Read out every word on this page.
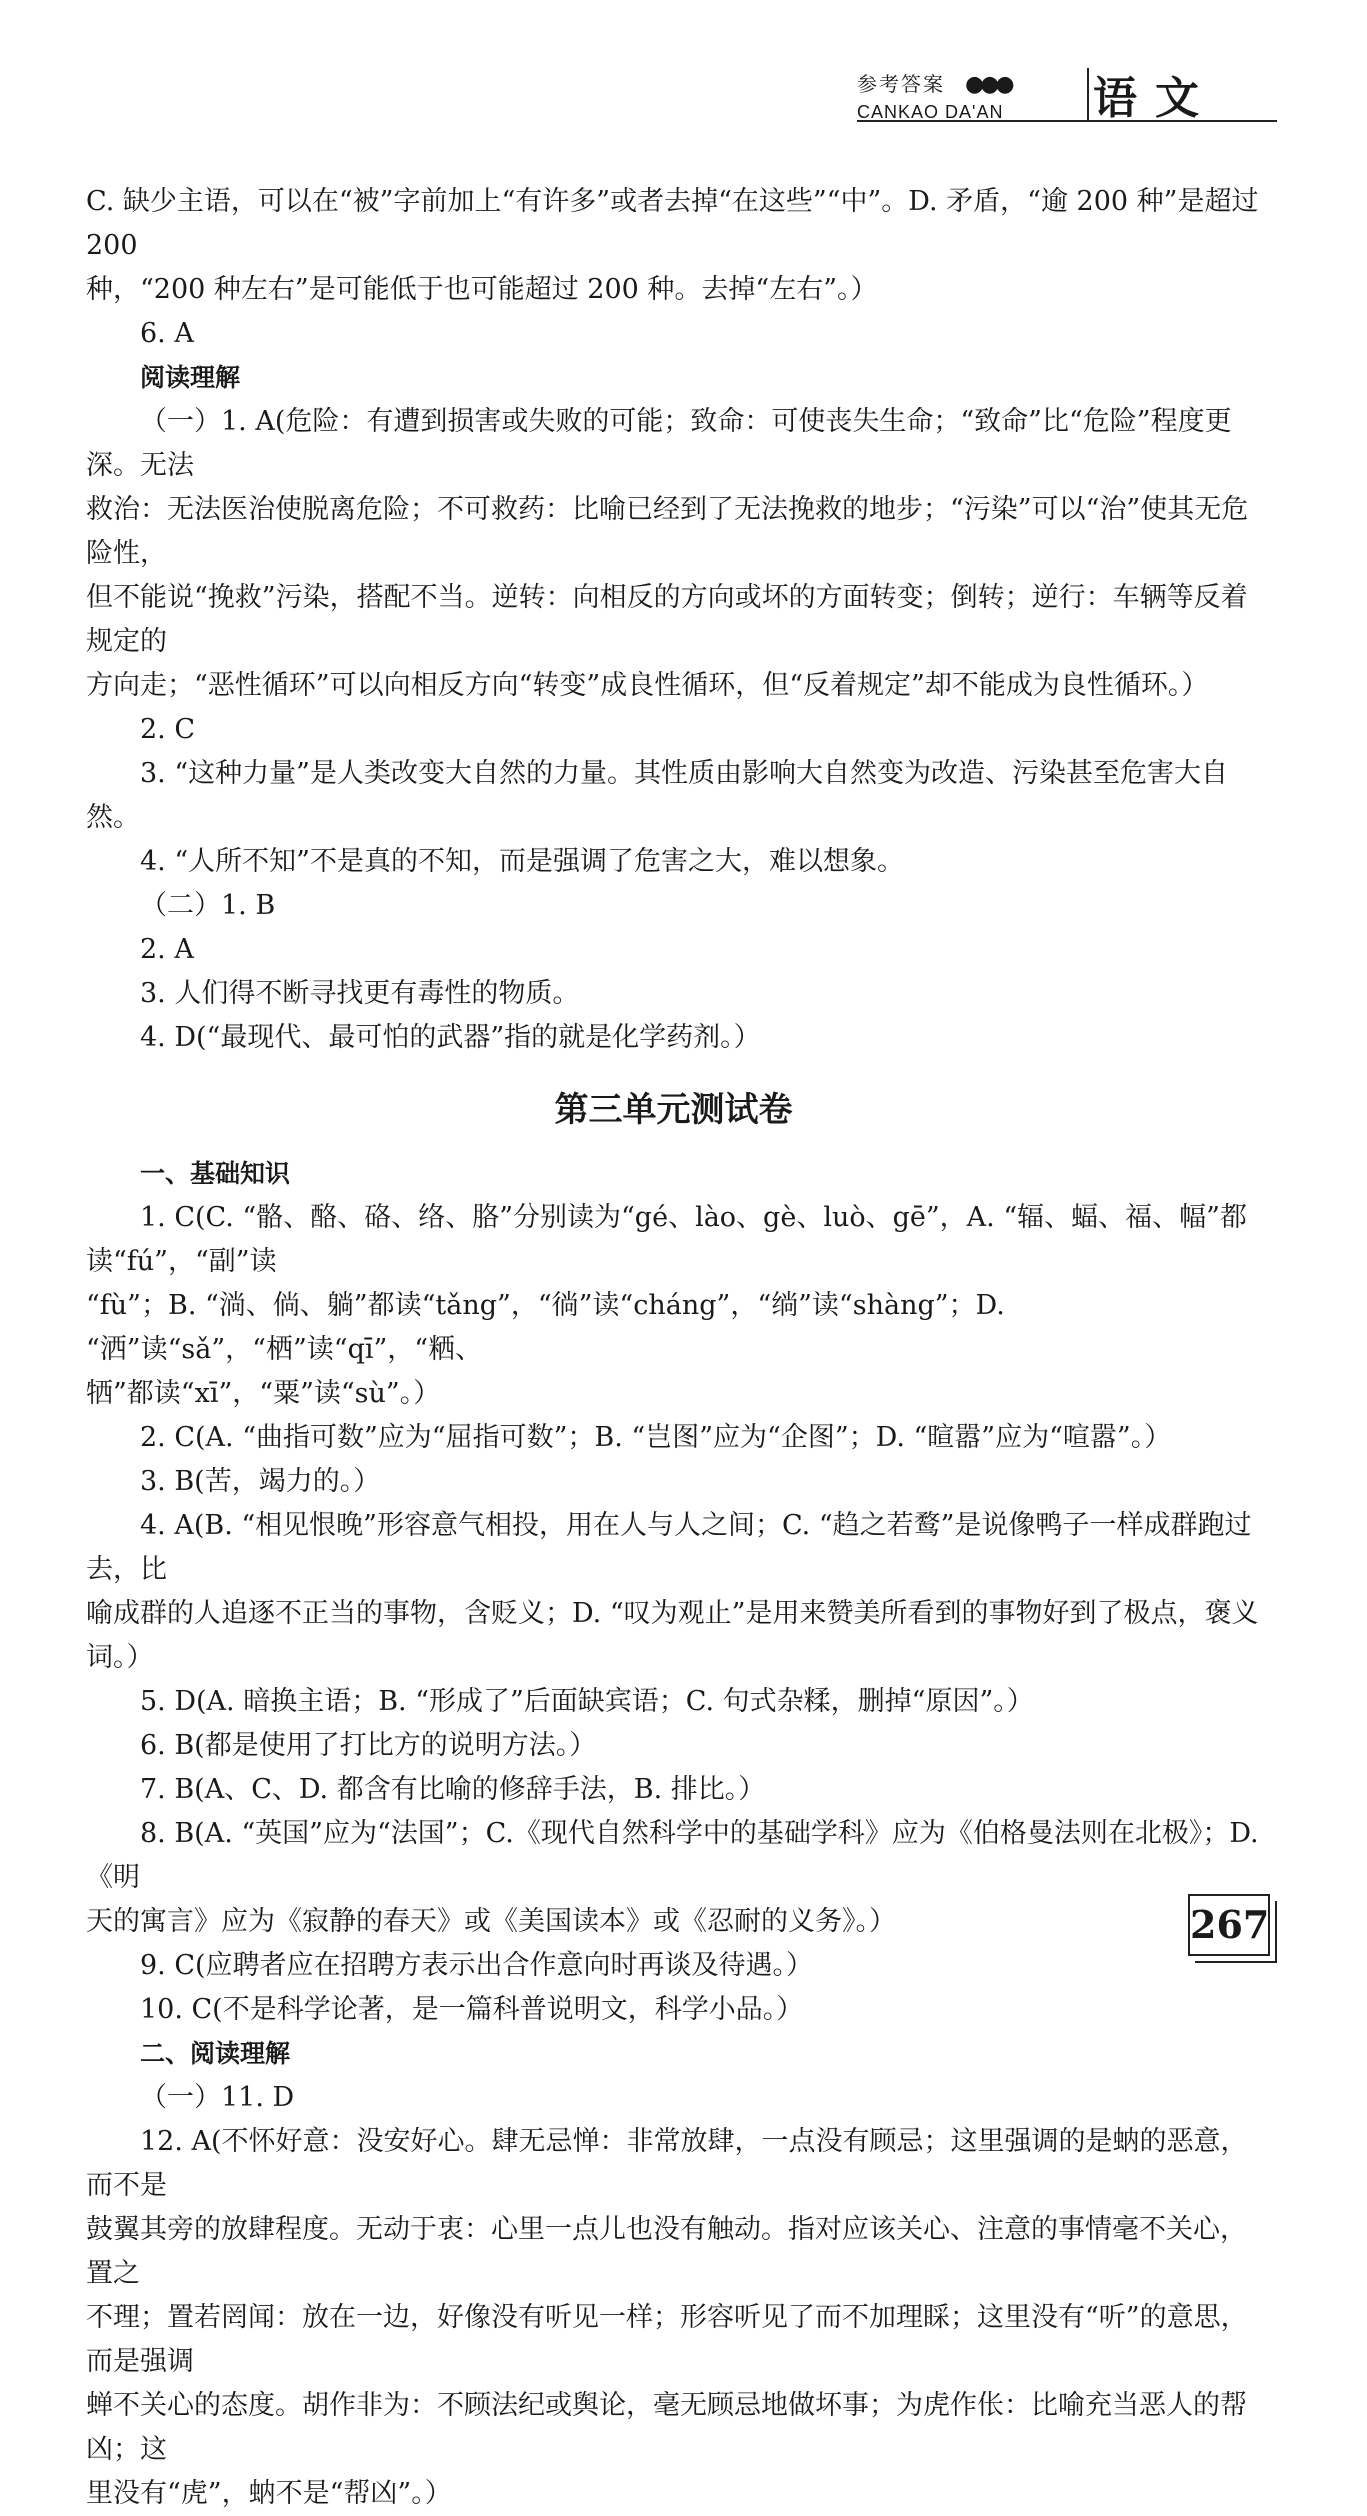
参考答案 ●●●
CANKAO DA'AN 语文
C. 缺少主语，可以在“被”字前加上“有许多”或者去掉“在这些”“中”。D. 矛盾，“逾 200 种”是超过 200
种，“200 种左右”是可能低于也可能超过 200 种。去掉“左右”。）
6. A
阅读理解
（一）1. A(危险：有遭到损害或失败的可能；致命：可使丧失生命；“致命”比“危险”程度更深。无法
救治：无法医治使脱离危险；不可救药：比喻已经到了无法挽救的地步；“污染”可以“治”使其无危险性，
但不能说“挽救”污染，搭配不当。逆转：向相反的方向或坏的方面转变；倒转；逆行：车辆等反着规定的
方向走；“恶性循环”可以向相反方向“转变”成良性循环，但“反着规定”却不能成为良性循环。）
2. C
3. “这种力量”是人类改变大自然的力量。其性质由影响大自然变为改造、污染甚至危害大自然。
4. “人所不知”不是真的不知，而是强调了危害之大，难以想象。
（二）1. B
2. A
3. 人们得不断寻找更有毒性的物质。
4. D(“最现代、最可怕的武器”指的就是化学药剂。）
第三单元测试卷
一、基础知识
1. C(C. “骼、酪、硌、络、胳”分别读为“gé、lào、gè、luò、gē”，A. “辐、蝠、福、幅”都读“fú”，“副”读
“fù”；B. “淌、倘、躺”都读“tǎng”，“徜”读“cháng”，“绱”读“shàng”；D. “洒”读“sǎ”，“栖”读“qī”，“粞、
牺”都读“xī”，“粟”读“sù”。）
2. C(A. “曲指可数”应为“屈指可数”；B. “岂图”应为“企图”；D. “暄嚣”应为“喧嚣”。）
3. B(苦，竭力的。）
4. A(B. “相见恨晚”形容意气相投，用在人与人之间；C. “趋之若鹜”是说像鸭子一样成群跑过去，比
喻成群的人追逐不正当的事物，含贬义；D. “叹为观止”是用来赞美所看到的事物好到了极点，褒义词。）
5. D(A. 暗换主语；B. “形成了”后面缺宾语；C. 句式杂糅，删掉“原因”。）
6. B(都是使用了打比方的说明方法。）
7. B(A、C、D. 都含有比喻的修辞手法，B. 排比。）
8. B(A. “英国”应为“法国”；C.《现代自然科学中的基础学科》应为《伯格曼法则在北极》；D.《明
天的寓言》应为《寂静的春天》或《美国读本》或《忍耐的义务》。）
9. C(应聘者应在招聘方表示出合作意向时再谈及待遇。）
10. C(不是科学论著，是一篇科普说明文，科学小品。）
二、阅读理解
（一）11. D
12. A(不怀好意：没安好心。肆无忌惮：非常放肆，一点没有顾忌；这里强调的是蚋的恶意，而不是
鼓翼其旁的放肆程度。无动于衷：心里一点儿也没有触动。指对应该关心、注意的事情毫不关心，置之
不理；置若罔闻：放在一边，好像没有听见一样；形容听见了而不加理睬；这里没有“听”的意思，而是强调
蝉不关心的态度。胡作非为：不顾法纪或舆论，毫无顾忌地做坏事；为虎作伥：比喻充当恶人的帮凶；这
里没有“虎”，蚋不是“帮凶”。）
267
